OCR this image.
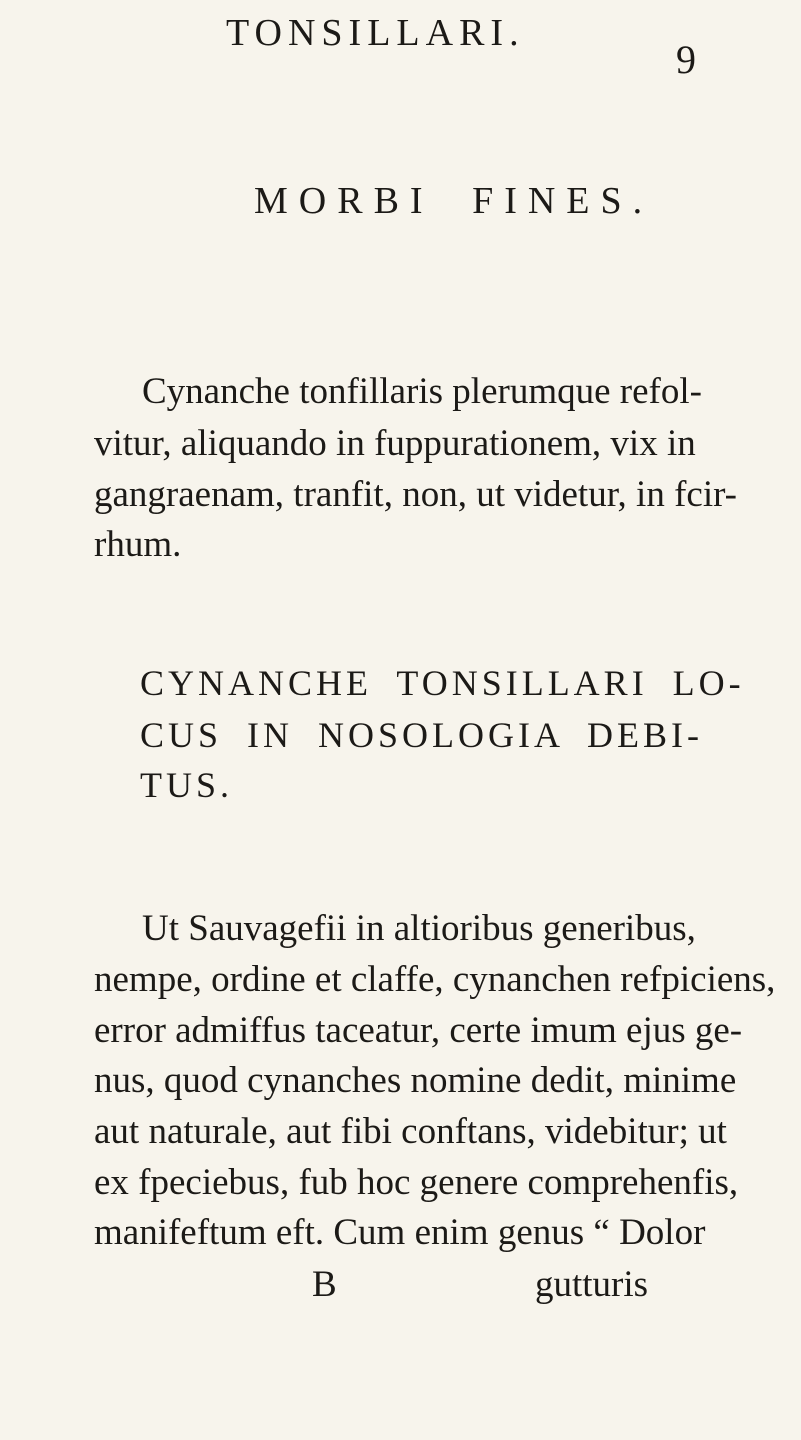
TONSILLARI.
9
MORBI FINES.
Cynanche tonfillaris plerumque refol-
vitur, aliquando in fuppurationem, vix in
gangraenam, tranfit, non, ut videtur, in fcir-
rhum.
CYNANCHE TONSILLARI LO-
CUS IN NOSOLOGIA DEBI-
TUS.
Ut Sauvagefii in altioribus generibus,
nempe, ordine et claffe, cynanchen refpiciens,
error admiffus taceatur, certe imum ejus ge-
nus, quod cynanches nomine dedit, minime
aut naturale, aut fibi conftans, videbitur; ut
ex fpeciebus, fub hoc genere comprehenfis,
manifeftum eft. Cum enim genus “ Dolor
B	gutturis
